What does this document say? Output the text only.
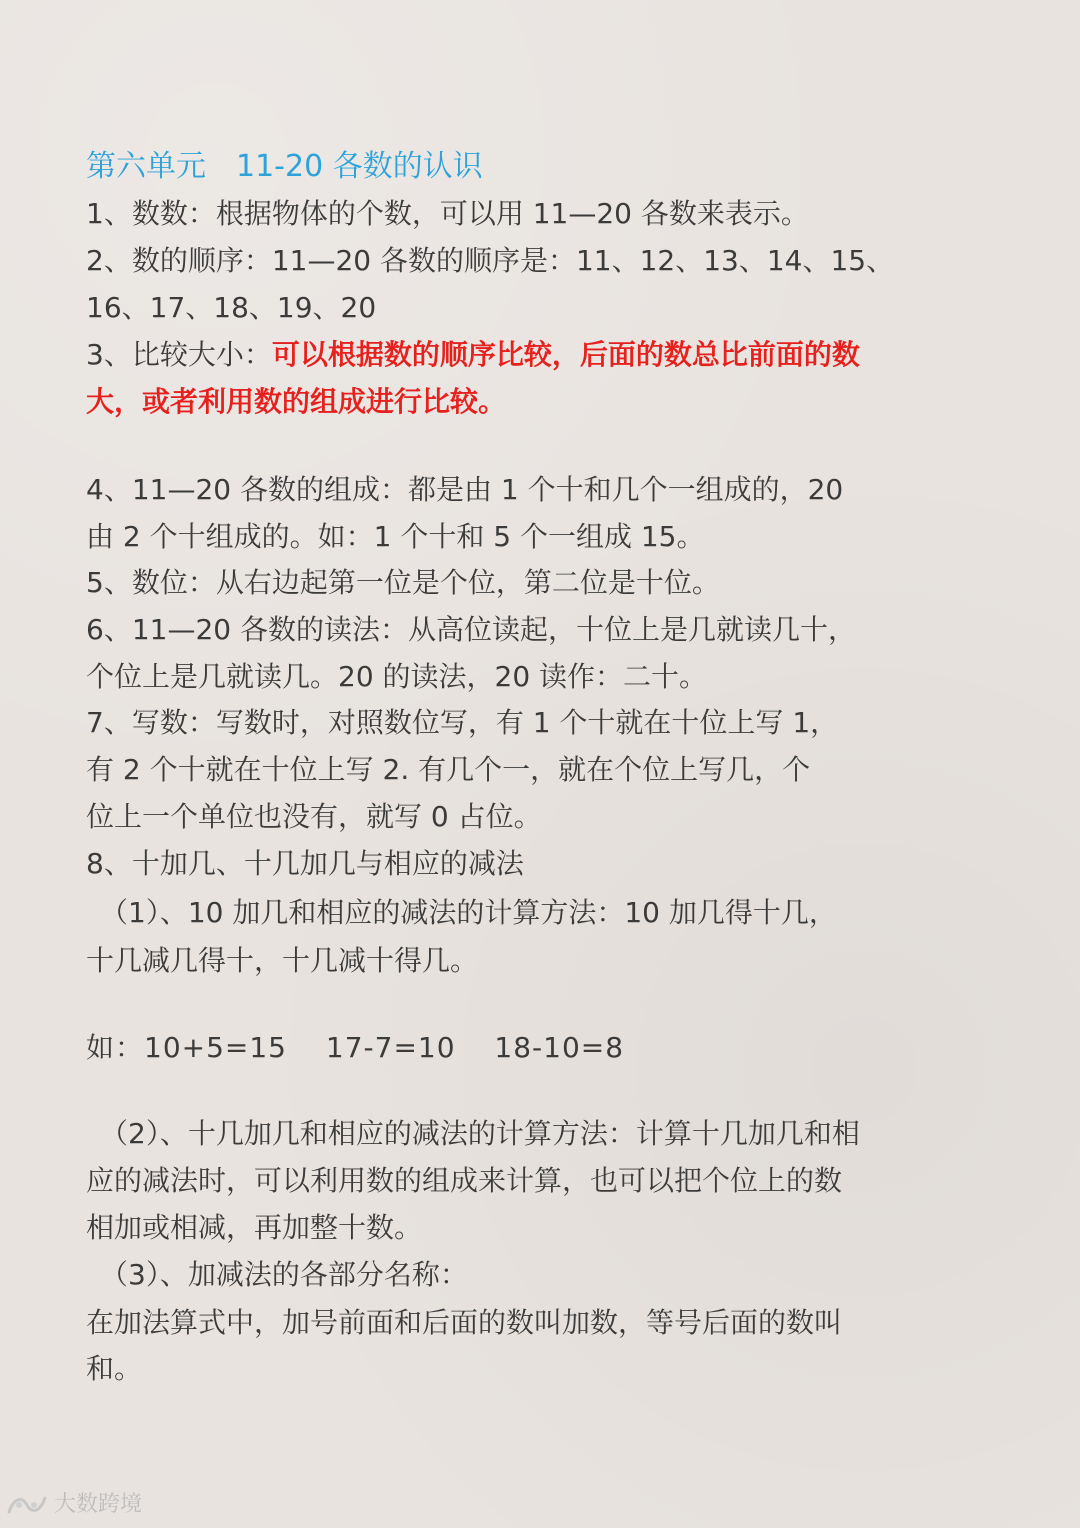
第六单元　11-20 各数的认识
1、数数：根据物体的个数，可以用 11—20 各数来表示。
2、数的顺序：11—20 各数的顺序是：11、12、13、14、15、
16、17、18、19、20
3、比较大小：可以根据数的顺序比较，后面的数总比前面的数
大，或者利用数的组成进行比较。
4、11—20 各数的组成：都是由 1 个十和几个一组成的，20
由 2 个十组成的。如：1 个十和 5 个一组成 15。
5、数位：从右边起第一位是个位，第二位是十位。
6、11—20 各数的读法：从高位读起，十位上是几就读几十，
个位上是几就读几。20 的读法，20 读作：二十。
7、写数：写数时，对照数位写，有 1 个十就在十位上写 1，
有 2 个十就在十位上写 2. 有几个一，就在个位上写几，个
位上一个单位也没有，就写 0 占位。
8、十加几、十几加几与相应的减法
（1）、10 加几和相应的减法的计算方法：10 加几得十几，
十几减几得十，十几减十得几。
如：10+5=15　 17-7=10　 18-10=8
（2）、十几加几和相应的减法的计算方法：计算十几加几和相
应的减法时，可以利用数的组成来计算，也可以把个位上的数
相加或相减，再加整十数。
（3）、加减法的各部分名称：
在加法算式中，加号前面和后面的数叫加数，等号后面的数叫
和。
大数跨境
